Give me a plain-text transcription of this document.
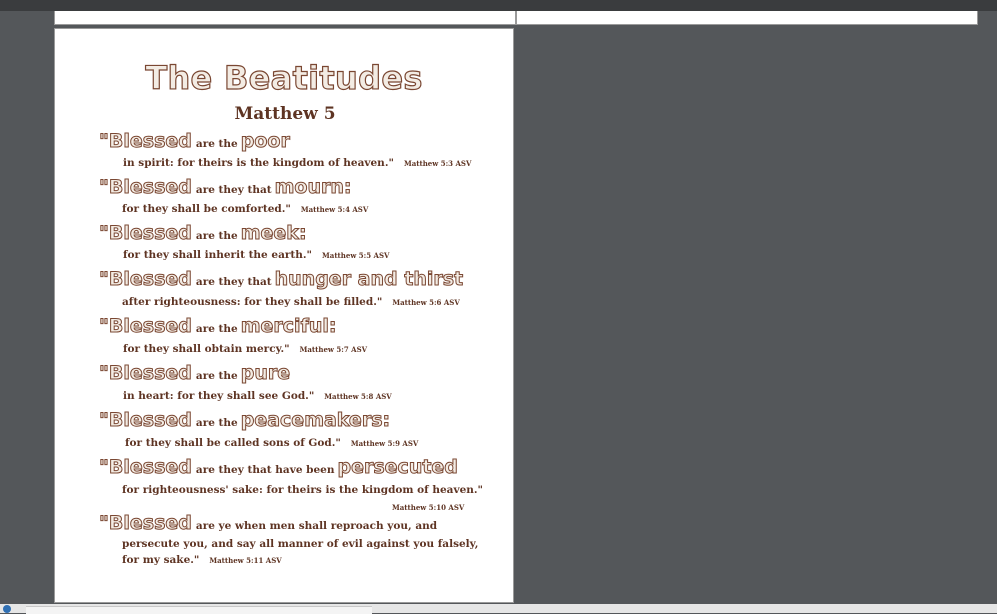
The Beatitudes
Matthew 5
"Blessed are the poor
in spirit: for theirs is the kingdom of heaven." Matthew 5:3 ASV
"Blessed are they that mourn:
for they shall be comforted." Matthew 5:4 ASV
"Blessed are the meek:
for they shall inherit the earth." Matthew 5:5 ASV
"Blessed are they that hunger and thirst
after righteousness: for they shall be filled." Matthew 5:6 ASV
"Blessed are the merciful:
for they shall obtain mercy." Matthew 5:7 ASV
"Blessed are the pure
in heart: for they shall see God." Matthew 5:8 ASV
"Blessed are the peacemakers:
for they shall be called sons of God." Matthew 5:9 ASV
"Blessed are they that have been persecuted
for righteousness' sake: for theirs is the kingdom of heaven."
Matthew 5:10 ASV
"Blessed are ye when men shall reproach you, and
persecute you, and say all manner of evil against you falsely,
for my sake." Matthew 5:11 ASV
